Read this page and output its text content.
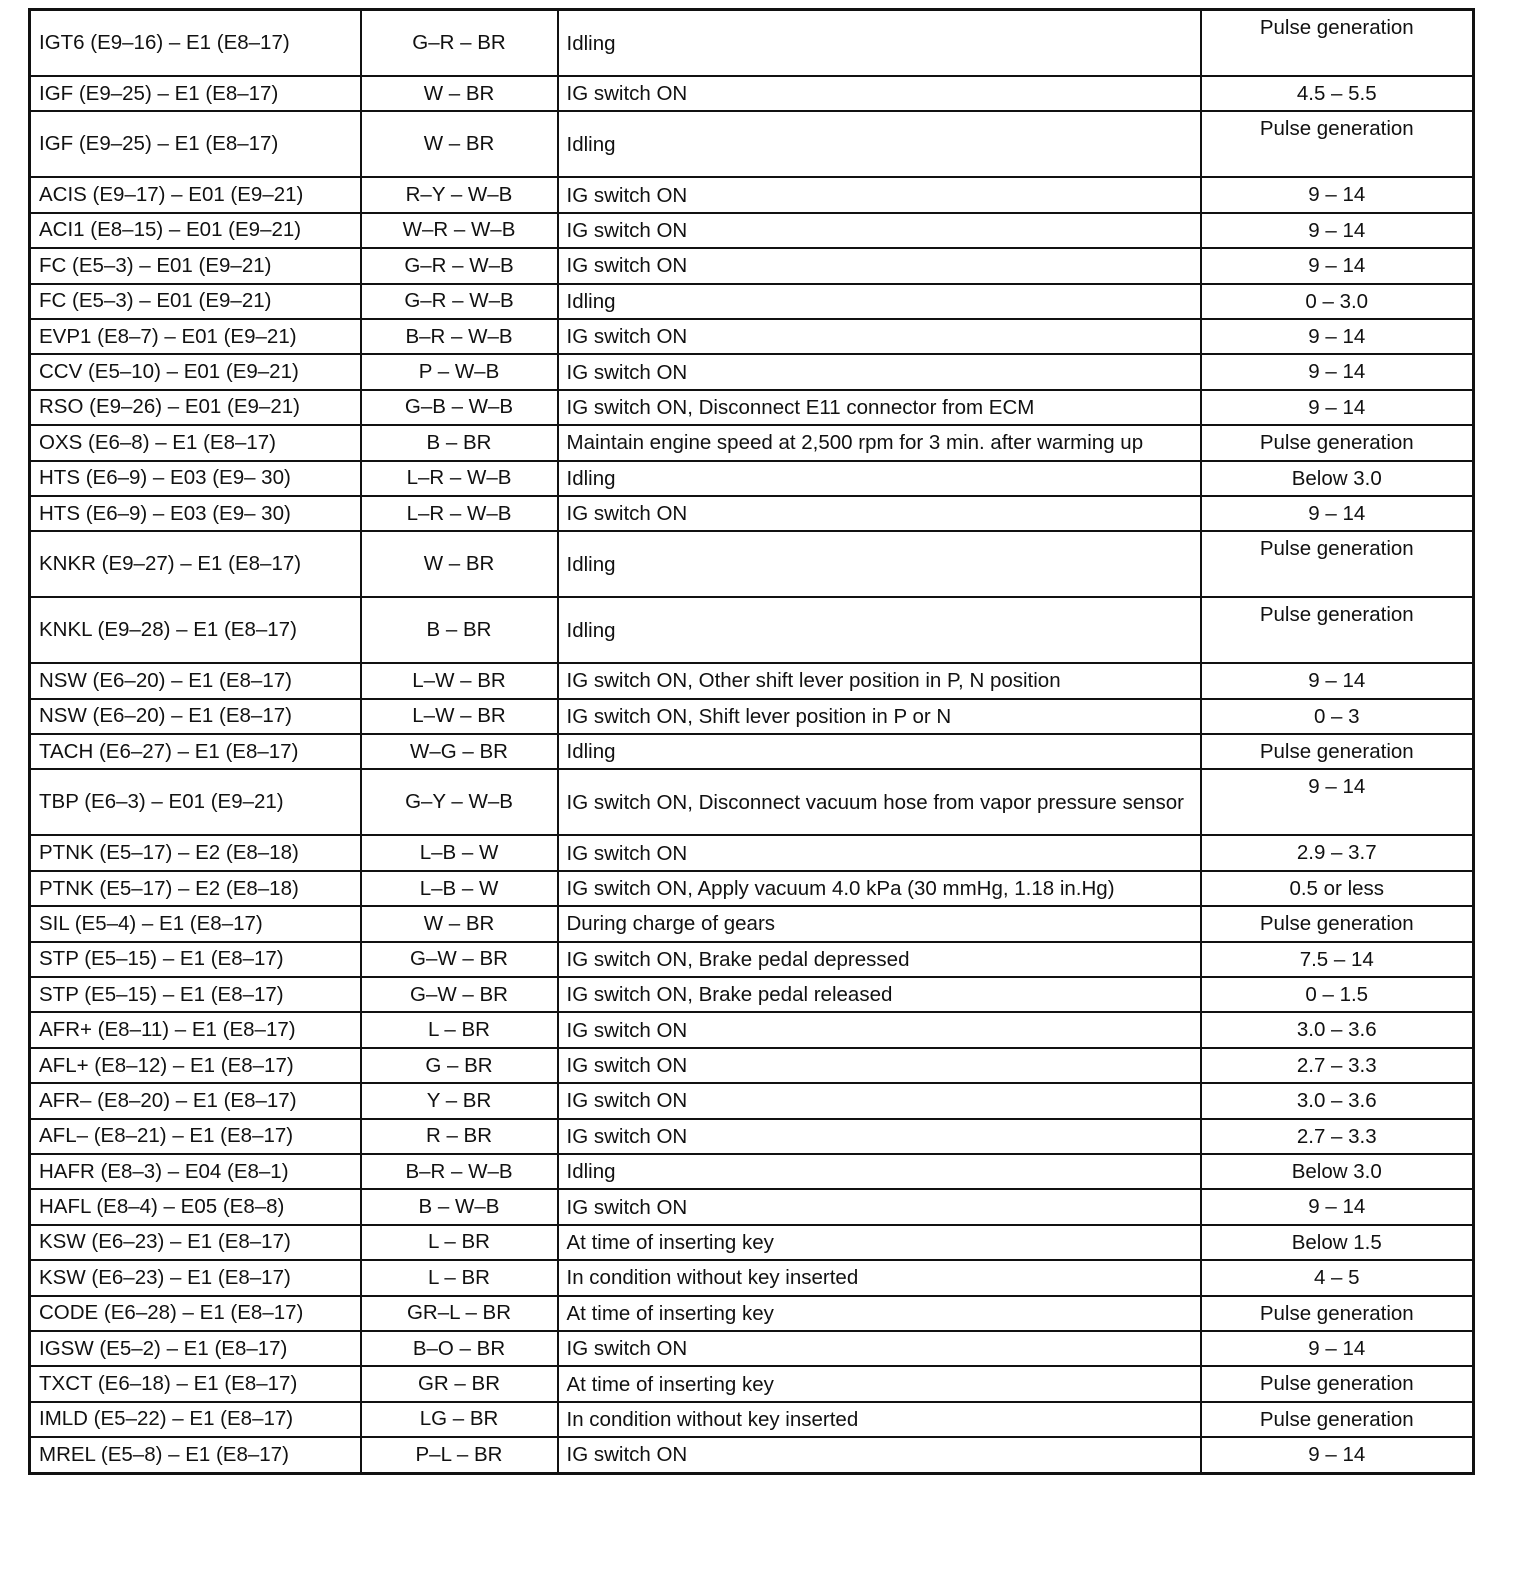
IGT6 (E9–16) – E1 (E8–17)	G–R – BR	Idling	Pulse generation
IGF (E9–25) – E1 (E8–17)	W – BR	IG switch ON	4.5 – 5.5
IGF (E9–25) – E1 (E8–17)	W – BR	Idling	Pulse generation
ACIS (E9–17) – E01 (E9–21)	R–Y – W–B	IG switch ON	9 – 14
ACI1 (E8–15) – E01 (E9–21)	W–R – W–B	IG switch ON	9 – 14
FC (E5–3) – E01 (E9–21)	G–R – W–B	IG switch ON	9 – 14
FC (E5–3) – E01 (E9–21)	G–R – W–B	Idling	0 – 3.0
EVP1 (E8–7) – E01 (E9–21)	B–R – W–B	IG switch ON	9 – 14
CCV (E5–10) – E01 (E9–21)	P – W–B	IG switch ON	9 – 14
RSO (E9–26) – E01 (E9–21)	G–B – W–B	IG switch ON, Disconnect E11 connector from ECM	9 – 14
OXS (E6–8) – E1 (E8–17)	B – BR	Maintain engine speed at 2,500 rpm for 3 min. after warming up	Pulse generation
HTS (E6–9) – E03 (E9– 30)	L–R – W–B	Idling	Below 3.0
HTS (E6–9) – E03 (E9– 30)	L–R – W–B	IG switch ON	9 – 14
KNKR (E9–27) – E1 (E8–17)	W – BR	Idling	Pulse generation
KNKL (E9–28) – E1 (E8–17)	B – BR	Idling	Pulse generation
NSW (E6–20) – E1 (E8–17)	L–W – BR	IG switch ON, Other shift lever position in P, N position	9 – 14
NSW (E6–20) – E1 (E8–17)	L–W – BR	IG switch ON, Shift lever position in P or N	0 – 3
TACH (E6–27) – E1 (E8–17)	W–G – BR	Idling	Pulse generation
TBP (E6–3) – E01 (E9–21)	G–Y – W–B	IG switch ON, Disconnect vacuum hose from vapor pressure sensor	9 – 14
PTNK (E5–17) – E2 (E8–18)	L–B – W	IG switch ON	2.9 – 3.7
PTNK (E5–17) – E2 (E8–18)	L–B – W	IG switch ON, Apply vacuum 4.0 kPa (30 mmHg, 1.18 in.Hg)	0.5 or less
SIL (E5–4) – E1 (E8–17)	W – BR	During charge of gears	Pulse generation
STP (E5–15) – E1 (E8–17)	G–W – BR	IG switch ON, Brake pedal depressed	7.5 – 14
STP (E5–15) – E1 (E8–17)	G–W – BR	IG switch ON, Brake pedal released	0 – 1.5
AFR+ (E8–11) – E1 (E8–17)	L – BR	IG switch ON	3.0 – 3.6
AFL+ (E8–12) – E1 (E8–17)	G – BR	IG switch ON	2.7 – 3.3
AFR– (E8–20) – E1 (E8–17)	Y – BR	IG switch ON	3.0 – 3.6
AFL– (E8–21) – E1 (E8–17)	R – BR	IG switch ON	2.7 – 3.3
HAFR (E8–3) – E04 (E8–1)	B–R – W–B	Idling	Below 3.0
HAFL (E8–4) – E05 (E8–8)	B – W–B	IG switch ON	9 – 14
KSW (E6–23) – E1 (E8–17)	L – BR	At time of inserting key	Below 1.5
KSW (E6–23) – E1 (E8–17)	L – BR	In condition without key inserted	4 – 5
CODE (E6–28) – E1 (E8–17)	GR–L – BR	At time of inserting key	Pulse generation
IGSW (E5–2) – E1 (E8–17)	B–O – BR	IG switch ON	9 – 14
TXCT (E6–18) – E1 (E8–17)	GR – BR	At time of inserting key	Pulse generation
IMLD (E5–22) – E1 (E8–17)	LG – BR	In condition without key inserted	Pulse generation
MREL (E5–8) – E1 (E8–17)	P–L – BR	IG switch ON	9 – 14
